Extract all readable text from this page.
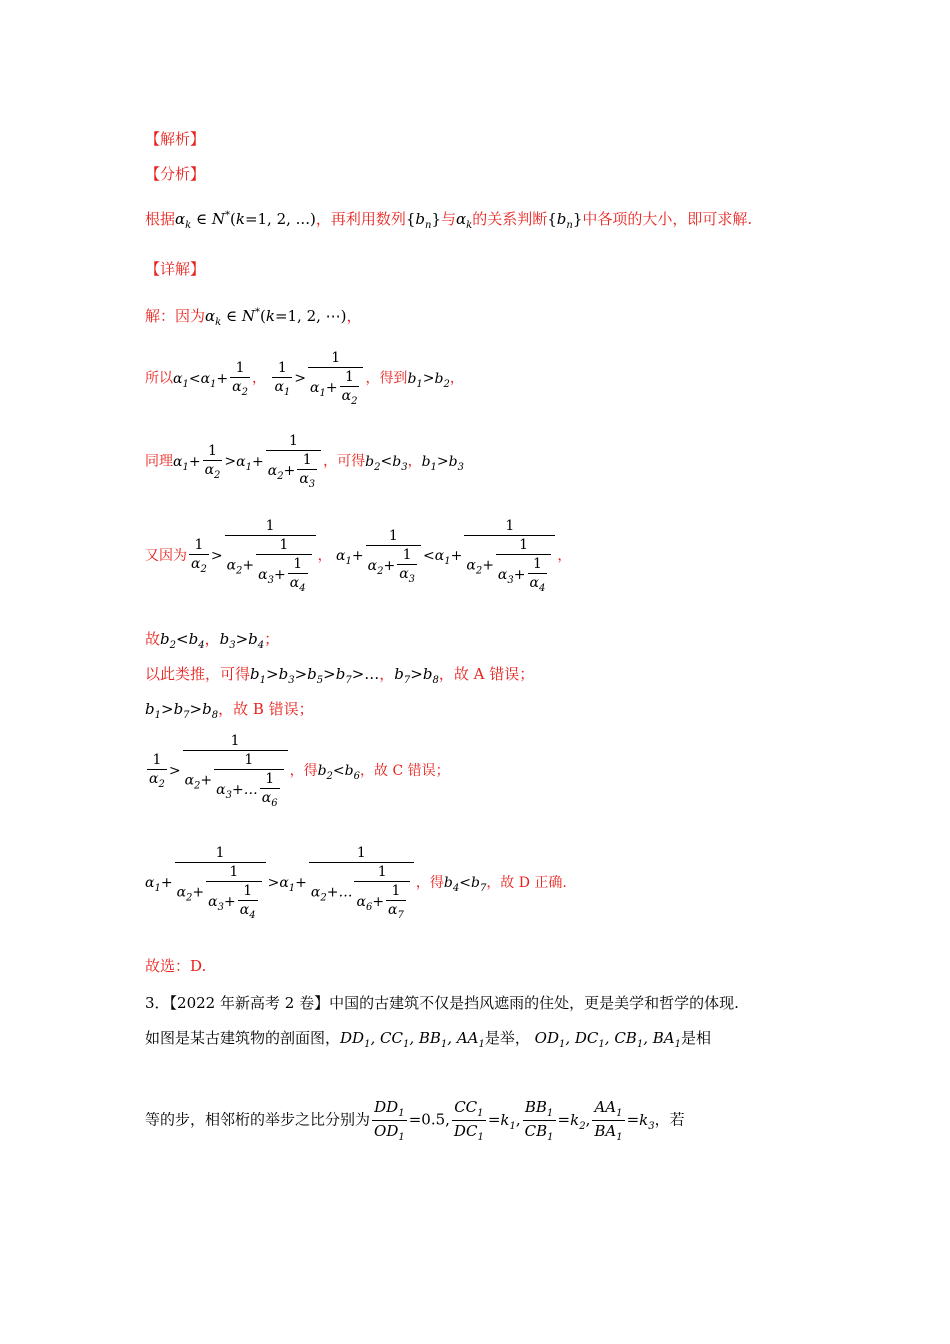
【解析】
【分析】
根据$\alpha_k$ ∈ N*(k=1, 2, ...)，再利用数列$\{b_n\}$与$\alpha_k$的关系判断$\{b_n\}$中各项的大小，即可求解.
【详解】
解：因为$\alpha_k$ ∈ N*(k=1, 2, ⋯)，
所以$\alpha_1<\alpha_1+ \frac{1}{\alpha_2}$ ， $\frac{1}{\alpha_1} > \frac{1}{\alpha_1+ \frac{1}{\alpha_2}}$ ，得到$b_1>b_2$，
同理$\alpha_1+ \frac{1}{\alpha_2} >\alpha_1+ \frac{1}{\alpha_2+ \frac{1}{\alpha_3}}$ ，可得$b_2<b_3$，$b_1>b_3$
又因为 $\frac{1}{\alpha_2} > \frac{1}{\alpha_2+ \frac{1}{\alpha_3+ \frac{1}{\alpha_4}}}$ ， $\alpha_1+ \frac{1}{\alpha_2+ \frac{1}{\alpha_3}} <\alpha_1+ \frac{1}{\alpha_2+ \frac{1}{\alpha_3+ \frac{1}{\alpha_4}}}$ ，
故$b_2<b_4$，$b_3>b_4$；
以此类推，可得$b_1>b_3>b_5>b_7>\dots$，$b_7>b_8$，故 A 错误；
$b_1>b_7>b_8$，故 B 错误；
$\frac{1}{\alpha_2} > \frac{1}{\alpha_2+ \frac{1}{\alpha_3+\dots \frac{1}{\alpha_6}}}$ ，得$b_2<b_6$，故 C 错误；
$\alpha_1+ \frac{1}{\alpha_2+ \frac{1}{\alpha_3+ \frac{1}{\alpha_4}}} >\alpha_1+ \frac{1}{\alpha_2+\dots \frac{1}{\alpha_6+ \frac{1}{\alpha_7}}}$ ，得$b_4<b_7$，故 D 正确.
故选：D.
3．【2022 年新高考 2 卷】中国的古建筑不仅是挡风遮雨的住处，更是美学和哲学的体现.
如图是某古建筑物的剖面图，$DD_1$, $CC_1$, $BB_1$, $AA_1$是举， $OD_1$, $DC_1$, $CB_1$, $BA_1$是相
等的步，相邻桁的举步之比分别为 $\frac{DD_1}{OD_1} =0.5$, $\frac{CC_1}{DC_1} =k_1$, $\frac{BB_1}{CB_1} =k_2$, $\frac{AA_1}{BA_1} =k_3$，若
